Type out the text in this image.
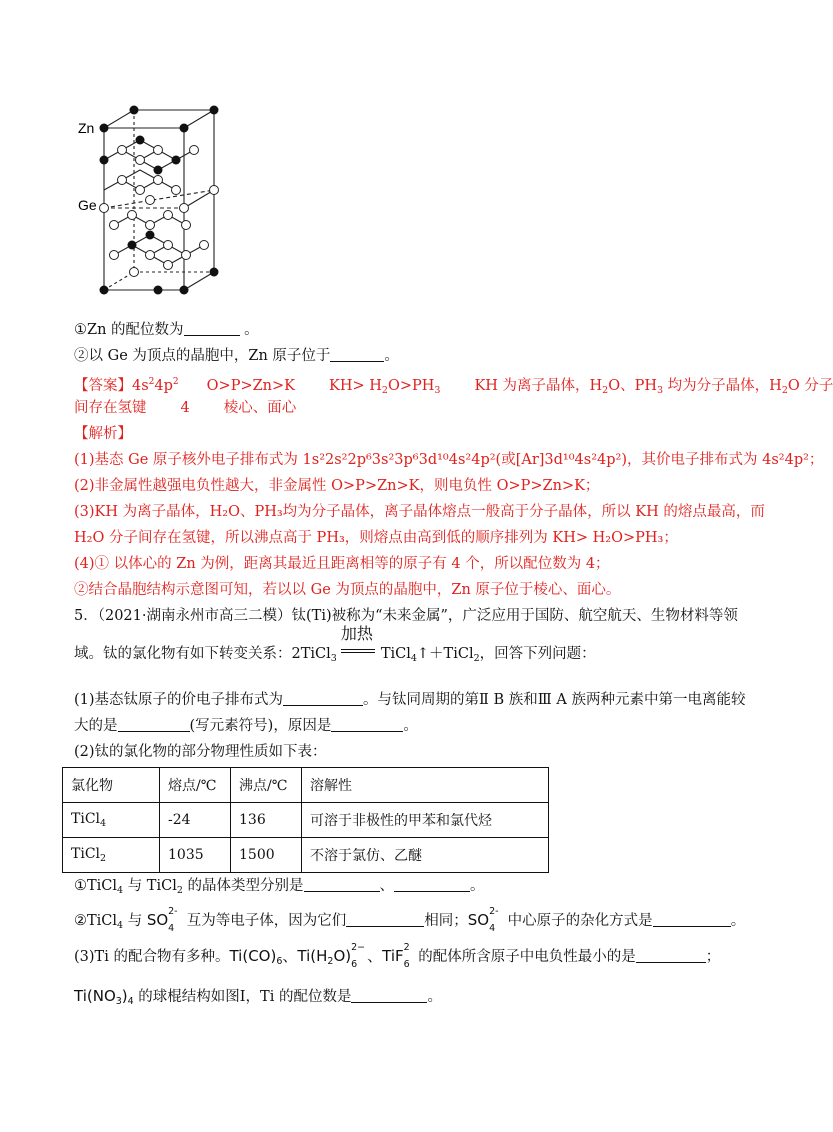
Zn
Ge
①Zn 的配位数为	。
②以 Ge 为顶点的晶胞中，Zn 原子位于	。
【答案】$4s^24p^2$ O>P>Zn>K $KH> H_2O>PH_3$ KH 为离子晶体，$H_2O$、$PH_3$ 均为分子晶体，$H_2O$ 分子
间存在氢键 4 棱心、面心
【解析】
(1)基态 Ge 原子核外电子排布式为 1s²2s²2p⁶3s²3p⁶3d¹⁰4s²4p²(或[Ar]3d¹⁰4s²4p²)，其价电子排布式为 4s²4p²；
(2)非金属性越强电负性越大，非金属性 O>P>Zn>K，则电负性 O>P>Zn>K；
(3)KH 为离子晶体，H₂O、PH₃均为分子晶体，离子晶体熔点一般高于分子晶体，所以 KH 的熔点最高，而
H₂O 分子间存在氢键，所以沸点高于 PH₃，则熔点由高到低的顺序排列为 KH> H₂O>PH₃；
(4)① 以体心的 Zn 为例，距离其最近且距离相等的原子有 4 个，所以配位数为 4；
②结合晶胞结构示意图可知，若以以 Ge 为顶点的晶胞中，Zn 原子位于棱心、面心。
5．（2021·湖南永州市高三二模）钛(Ti)被称为“未来金属”，广泛应用于国防、航空航天、生物材料等领
域。钛的氯化物有如下转变关系：2TiCl$_3$
加热
TiCl$_4$↑＋TiCl$_2$，回答下列问题：
(1)基态钛原子的价电子排布式为	。与钛同周期的第Ⅱ B 族和Ⅲ A 族两种元素中第一电离能较
大的是	(写元素符号)，原因是	。
(2)钛的氯化物的部分物理性质如下表：
氯化物	熔点/℃	沸点/℃	溶解性
TiCl$_4$	-24	136	可溶于非极性的甲苯和氯代烃
TiCl$_2$	1035	1500	不溶于氯仿、乙醚
①TiCl$_4$ 与 TiCl$_2$ 的晶体类型分别是	、	。
②TiCl$_4$ 与 SO 2-
4 互为等电子体，因为它们	相同；SO 2-
4 中心原子的杂化方式是	。
(3)Ti 的配合物有多种。$Ti(CO)_6$、$Ti(H_2O)$ 2−
6 、TiF 2
6 的配体所含原子中电负性最小的是	；
$Ti(NO_3)_4$ 的球棍结构如图Ⅰ，Ti 的配位数是	。
